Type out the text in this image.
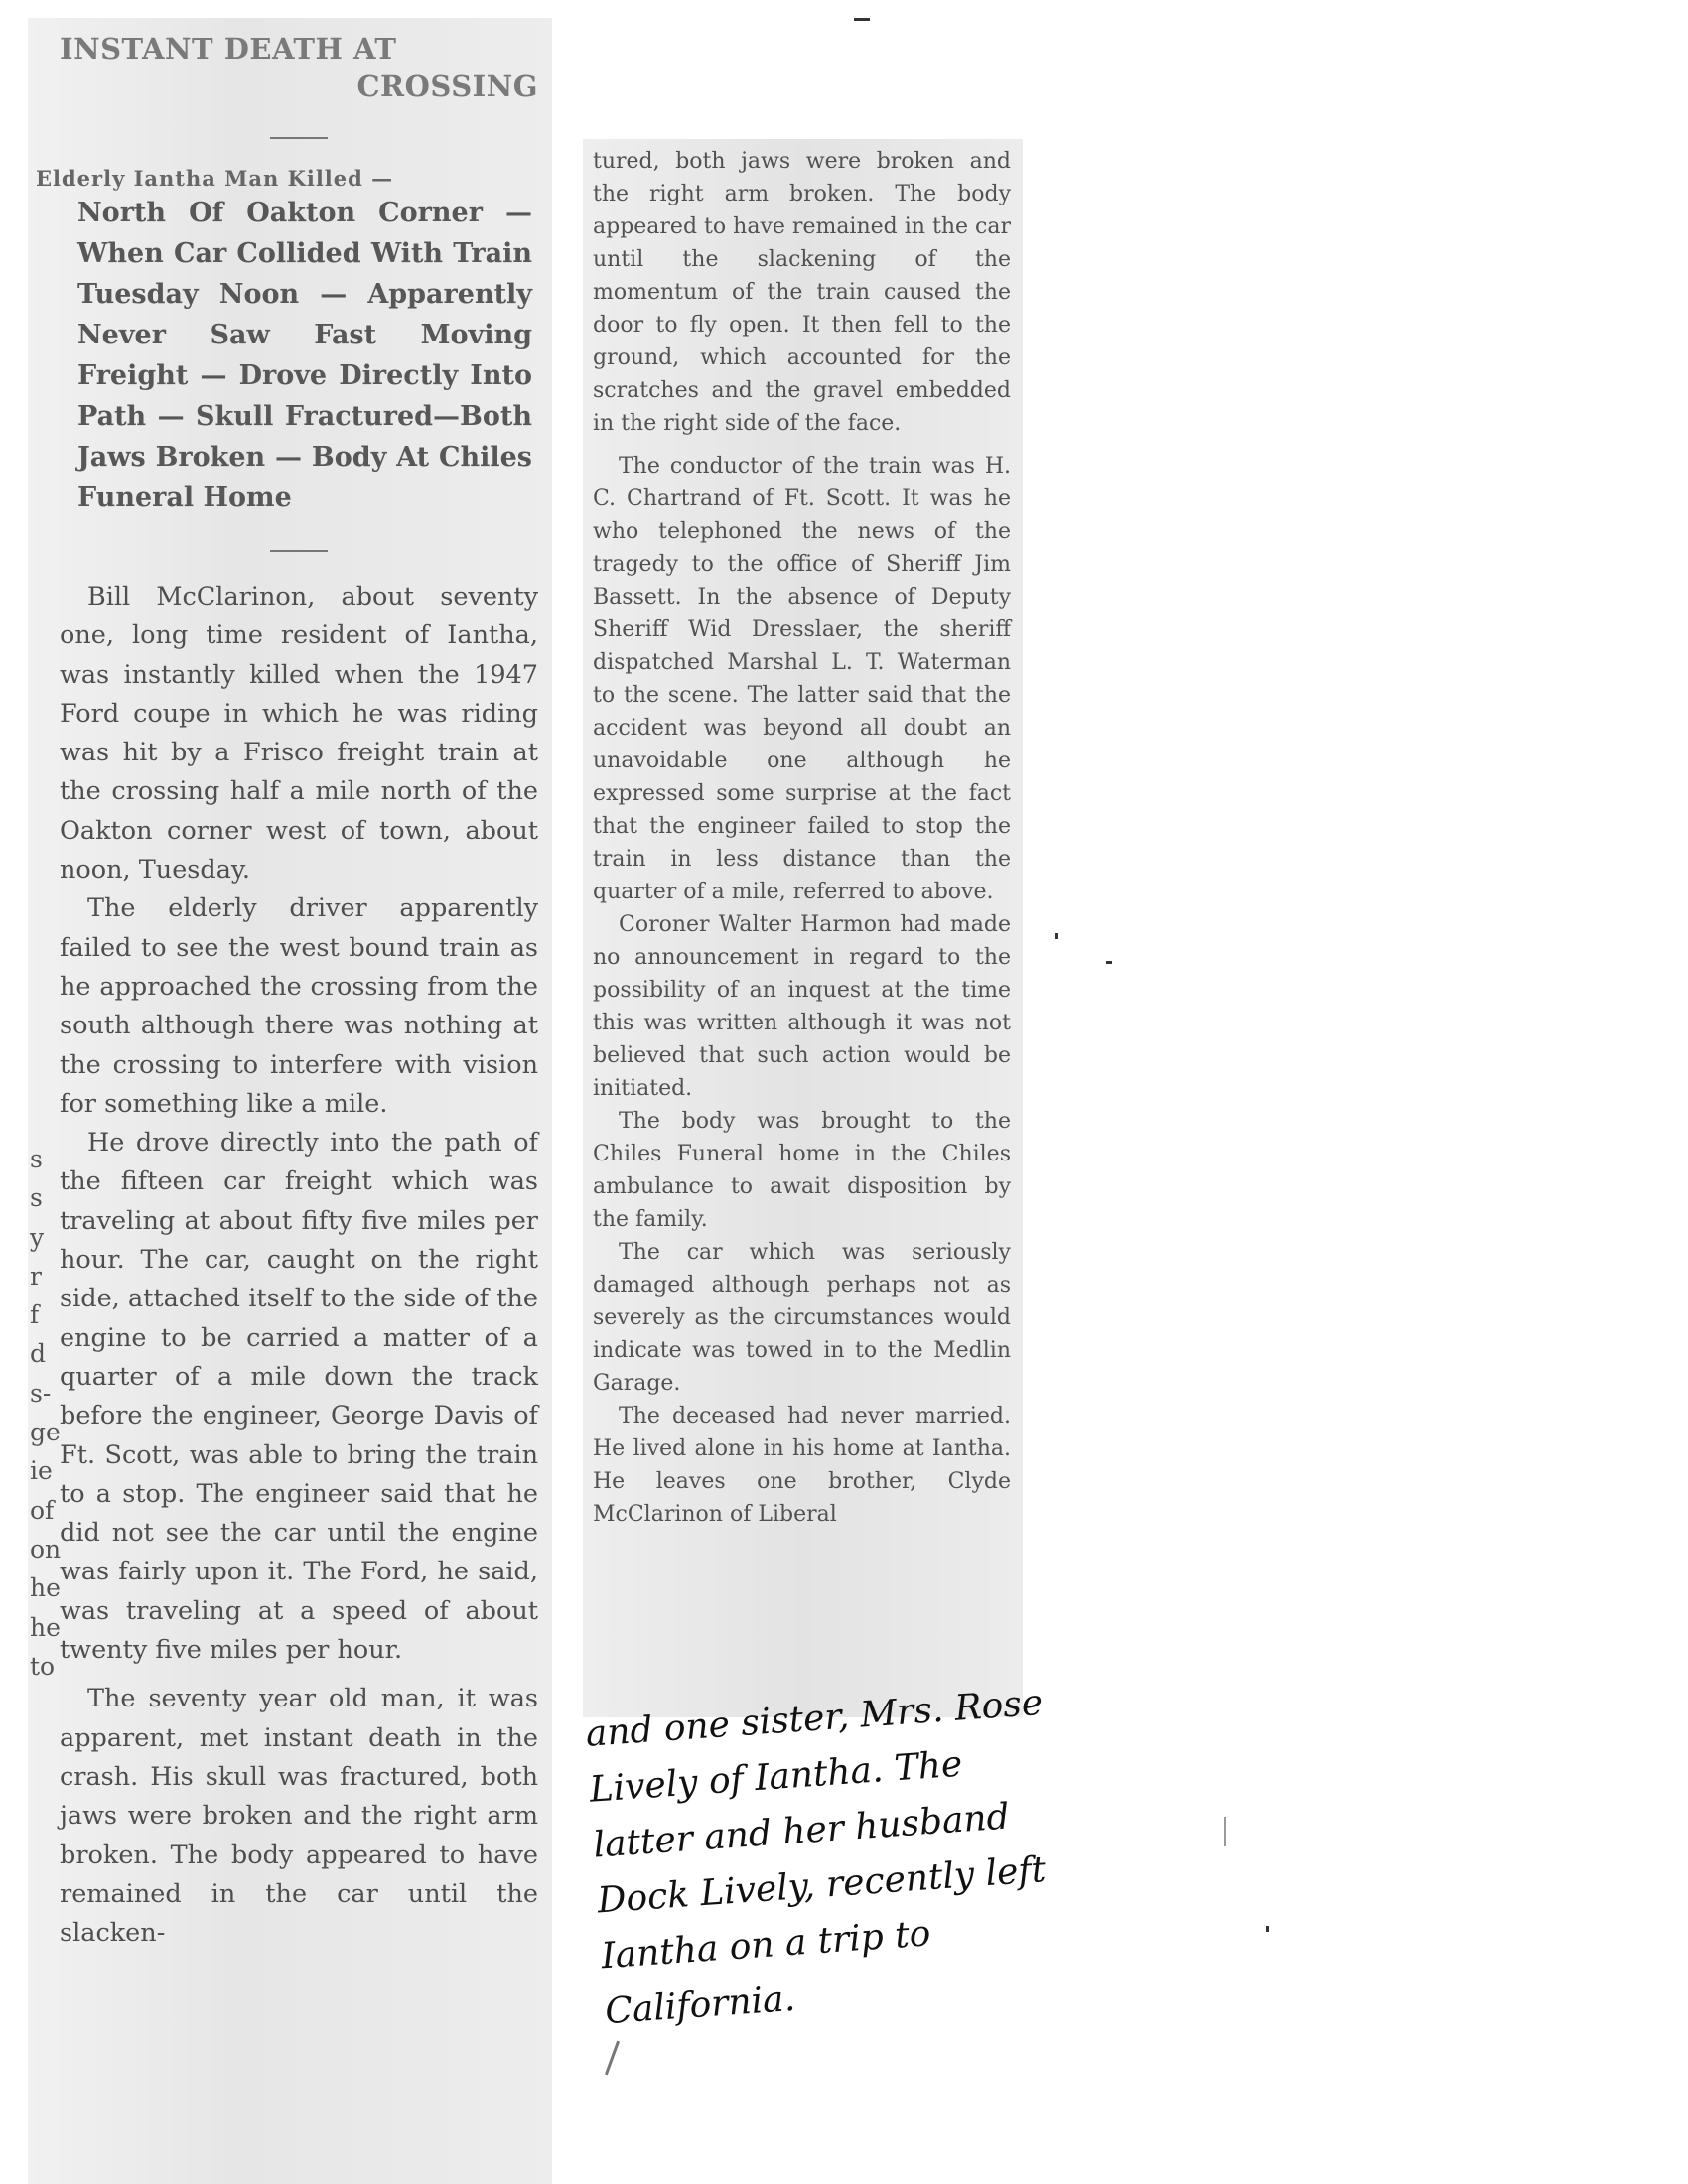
INSTANT DEATH AT
CROSSING
Elderly Iantha Man Killed —
North Of Oakton Corner — When Car Collided With Train Tuesday Noon — Apparently Never Saw Fast Moving Freight — Drove Directly Into Path — Skull Fractured—Both Jaws Broken — Body At Chiles Funeral Home
Bill McClarinon, about seventy one, long time resident of Iantha, was instantly killed when the 1947 Ford coupe in which he was riding was hit by a Frisco freight train at the crossing half a mile north of the Oakton corner west of town, about noon, Tuesday.
The elderly driver apparently failed to see the west bound train as he approached the crossing from the south although there was nothing at the crossing to interfere with vision for something like a mile.
He drove directly into the path of the fifteen car freight which was traveling at about fifty five miles per hour. The car, caught on the right side, attached itself to the side of the engine to be carried a matter of a quarter of a mile down the track before the engineer, George Davis of Ft. Scott, was able to bring the train to a stop. The engineer said that he did not see the car until the engine was fairly upon it. The Ford, he said, was traveling at a speed of about twenty five miles per hour.
The seventy year old man, it was apparent, met instant death in the crash. His skull was fractured, both jaws were broken and the right arm broken. The body appeared to have remained in the car until the slacken-
s
s
y
r
f
d
s-
ge
ie
of
on
he
he
to
tured, both jaws were broken and the right arm broken. The body appeared to have remained in the car until the slackening of the momentum of the train caused the door to fly open. It then fell to the ground, which accounted for the scratches and the gravel embedded in the right side of the face.
The conductor of the train was H. C. Chartrand of Ft. Scott. It was he who telephoned the news of the tragedy to the office of Sheriff Jim Bassett. In the absence of Deputy Sheriff Wid Dresslaer, the sheriff dispatched Marshal L. T. Waterman to the scene. The latter said that the accident was beyond all doubt an unavoidable one although he expressed some surprise at the fact that the engineer failed to stop the train in less distance than the quarter of a mile, referred to above.
Coroner Walter Harmon had made no announcement in regard to the possibility of an inquest at the time this was written although it was not believed that such action would be initiated.
The body was brought to the Chiles Funeral home in the Chiles ambulance to await disposition by the family.
The car which was seriously damaged although perhaps not as severely as the circumstances would indicate was towed in to the Medlin Garage.
The deceased had never married. He lived alone in his home at Iantha. He leaves one brother, Clyde McClarinon of Liberal
and one sister, Mrs. Rose Lively of Iantha. The latter and her husband Dock Lively, recently left Iantha on a trip to California.
